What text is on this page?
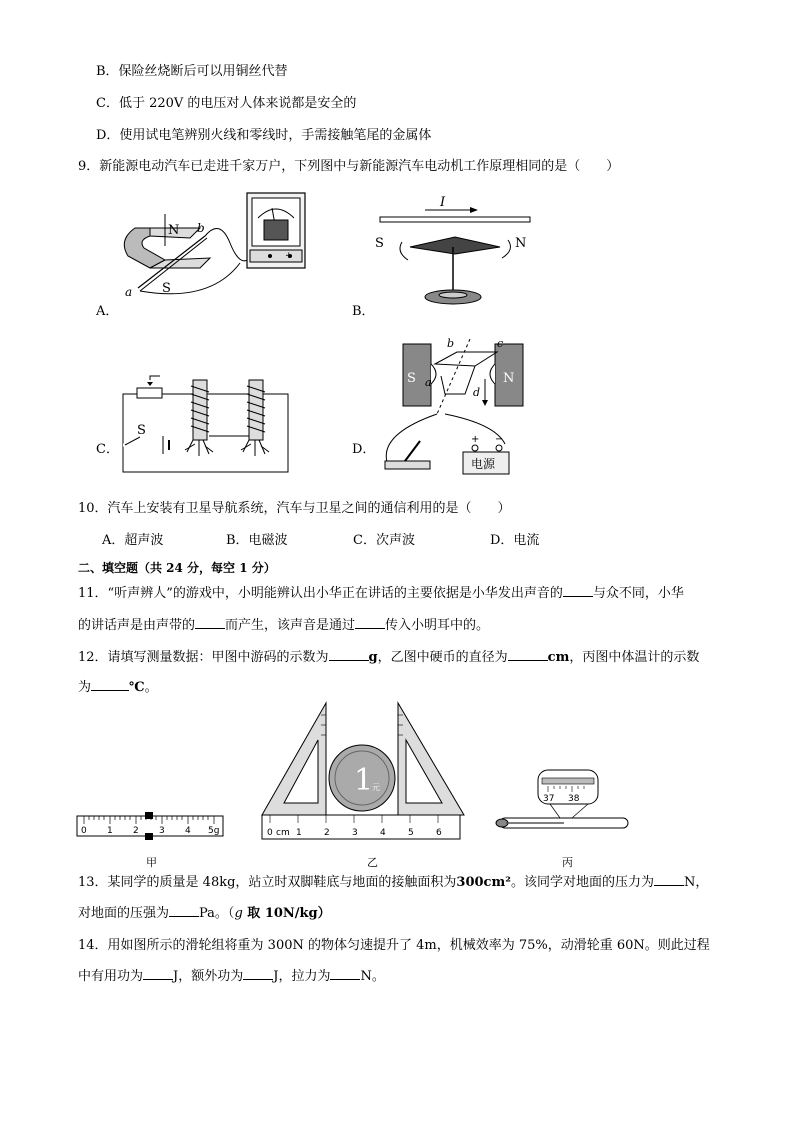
B．保险丝烧断后可以用铜丝代替
C．低于 220V 的电压对人体来说都是安全的
D．使用试电笔辨别火线和零线时，手需接触笔尾的金属体
9．新能源电动汽车已走进千家万户，下列图中与新能源汽车电动机工作原理相同的是（　　）
N
S
a
b
+
A．
I
S	N
B．
S
C．
S	N
a
b	c
d
+ −
电源
D．
10．汽车上安装有卫星导航系统，汽车与卫星之间的通信利用的是（　　）
A．超声波	B．电磁波	C．次声波	D．电流
二、填空题（共 24 分，每空 1 分）
11．“听声辨人”的游戏中，小明能辨认出小华正在讲话的主要依据是小华发出声音的 与众不同，小华
的讲话声是由声带的 而产生，该声音是通过 传入小明耳中的。
12．请填写测量数据：甲图中游码的示数为	g，乙图中硬币的直径为	cm，丙图中体温计的示数
为	℃。
0 1 2 3 4 5g
甲
1
元
0 cm 1 2 3 4 5 6
乙
37 38
丙
13．某同学的质量是 48kg，站立时双脚鞋底与地面的接触面积为300cm²。该同学对地面的压力为 N，
对地面的压强为 Pa。（g 取 10N/kg）
14．用如图所示的滑轮组将重为 300N 的物体匀速提升了 4m，机械效率为 75%，动滑轮重 60N。则此过程
中有用功为 J，额外功为 J，拉力为 N。
